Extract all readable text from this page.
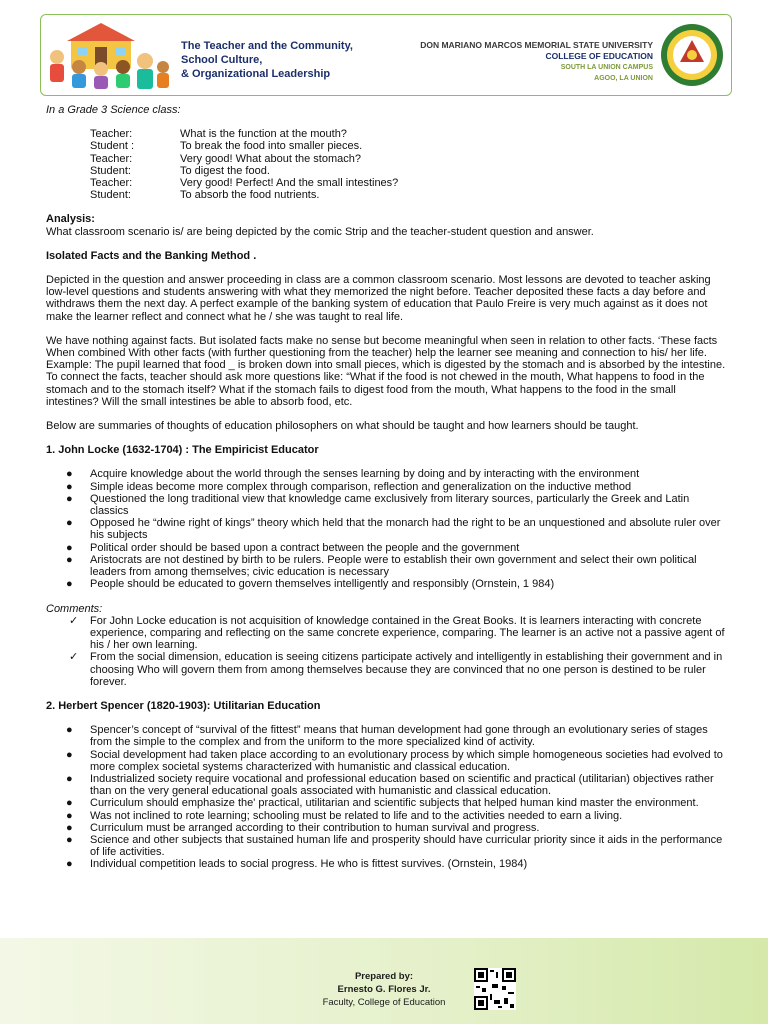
The Teacher and the Community,
School Culture,
& Organizational Leadership
DON MARIANO MARCOS MEMORIAL STATE UNIVERSITY
COLLEGE OF EDUCATION
SOUTH LA UNION CAMPUS
AGOO, LA UNION

In a Grade 3 Science class:

Teacher:	What is the function at the mouth?
Student :	To break the food into smaller pieces.
Teacher:	Very good! What about the stomach?
Student:	To digest the food.
Teacher:	Very good! Perfect! And the small intestines?
Student:	To absorb the food nutrients.

Analysis:

What classroom scenario is/ are being depicted by the comic Strip and the teacher-student question and answer.

Isolated Facts and the Banking Method .

Depicted in the question and answer proceeding in class are a common classroom scenario. Most lessons are devoted to teacher asking low-level questions and students answering with what they memorized the night before. Teacher deposited these facts a day before and withdraws them the next day. A perfect example of the banking system of education that Paulo Freire is very much against as it does not make the learner reflect and connect what he / she was taught to real life.

We have nothing against facts. But isolated facts make no sense but become meaningful when seen in relation to other facts. ‘These facts When combined With other facts (with further questioning from the teacher) help the learner see meaning and connection to his/ her life. Example: The pupil learned that food _ is broken down into small pieces, which is digested by the stomach and is absorbed by the intestine. To connect the facts, teacher should ask more questions like: “What if the food is not chewed in the mouth, What happens to food in the stomach and to the stomach itself? What if the stomach fails to digest food from the mouth, What happens to the food in the small intestines? Will the small intestines be able to absorb food, etc.

Below are summaries of thoughts of education philosophers on what should be taught and how learners should be taught.

1. John Locke (1632-1704) : The Empiricist Educator

● Acquire knowledge about the world through the senses learning by doing and by interacting with the environment
● Simple ideas become more complex through comparison, reflection and generalization on the inductive method
● Questioned the long traditional view that knowledge came exclusively from literary sources, particularly the Greek and Latin classics
● Opposed he “dwine right of kings” theory which held that the monarch had the right to be an unquestioned and absolute ruler over his subjects
● Political order should be based upon a contract between the people and the government
● Aristocrats are not destined by birth to be rulers. People were to establish their own government and select their own political leaders from among themselves; civic education is necessary
● People should be educated to govern themselves intelligently and responsibly (Ornstein, 1 984)

Comments:

✓ For John Locke education is not acquisition of knowledge contained in the Great Books. It is learners interacting with concrete experience, comparing and reflecting on the same concrete experience, comparing. The learner is an active not a passive agent of his / her own learning.
✓ From the social dimension, education is seeing citizens participate actively and intelligently in establishing their government and in choosing Who will govern them from among themselves because they are convinced that no one person is destined to be ruler forever.

2. Herbert Spencer (1820-1903): Utilitarian Education

● Spencer’s concept of “survival of the fittest” means that human development had gone through an evolutionary series of stages from the simple to the complex and from the uniform to the more specialized kind of activity.
● Social development had taken place according to an evolutionary process by which simple homogeneous societies had evolved to more complex societal systems characterized with humanistic and classical education.
● Industrialized society require vocational and professional education based on scientific and practical (utilitarian) objectives rather than on the very general educational goals associated with humanistic and classical education.
● Curriculum should emphasize the' practical, utilitarian and scientific subjects that helped human kind master the environment.
● Was not inclined to rote learning; schooling must be related to life and to the activities needed to earn a living.
● Curriculum must be arranged according to their contribution to human survival and progress.
● Science and other subjects that sustained human life and prosperity should have curricular priority since it aids in the performance of life activities.
● Individual competition leads to social progress. He who is fittest survives. (Ornstein, 1984)
Prepared by:
Ernesto G. Flores Jr.
Faculty, College of Education
